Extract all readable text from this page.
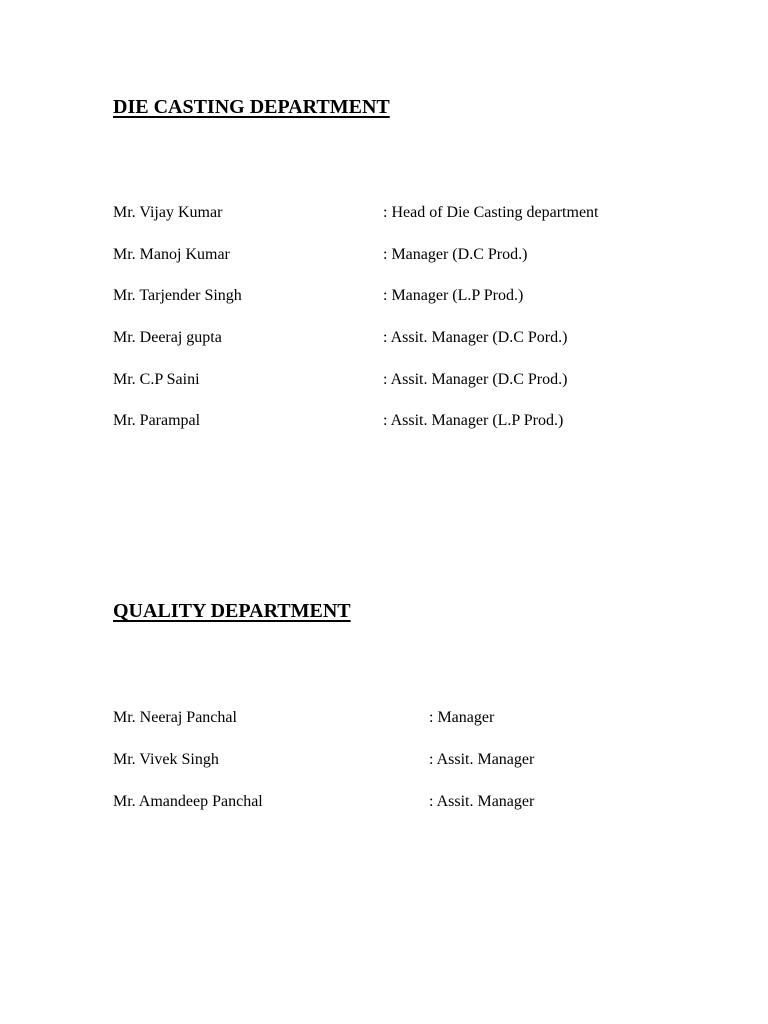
DIE CASTING DEPARTMENT
Mr. Vijay Kumar	: Head of Die Casting department
Mr. Manoj Kumar	: Manager (D.C Prod.)
Mr. Tarjender Singh	: Manager (L.P Prod.)
Mr. Deeraj gupta	: Assit. Manager (D.C Pord.)
Mr. C.P Saini	: Assit. Manager (D.C Prod.)
Mr. Parampal	: Assit. Manager (L.P Prod.)
QUALITY DEPARTMENT
Mr. Neeraj Panchal	: Manager
Mr. Vivek Singh	: Assit. Manager
Mr. Amandeep Panchal	: Assit. Manager
